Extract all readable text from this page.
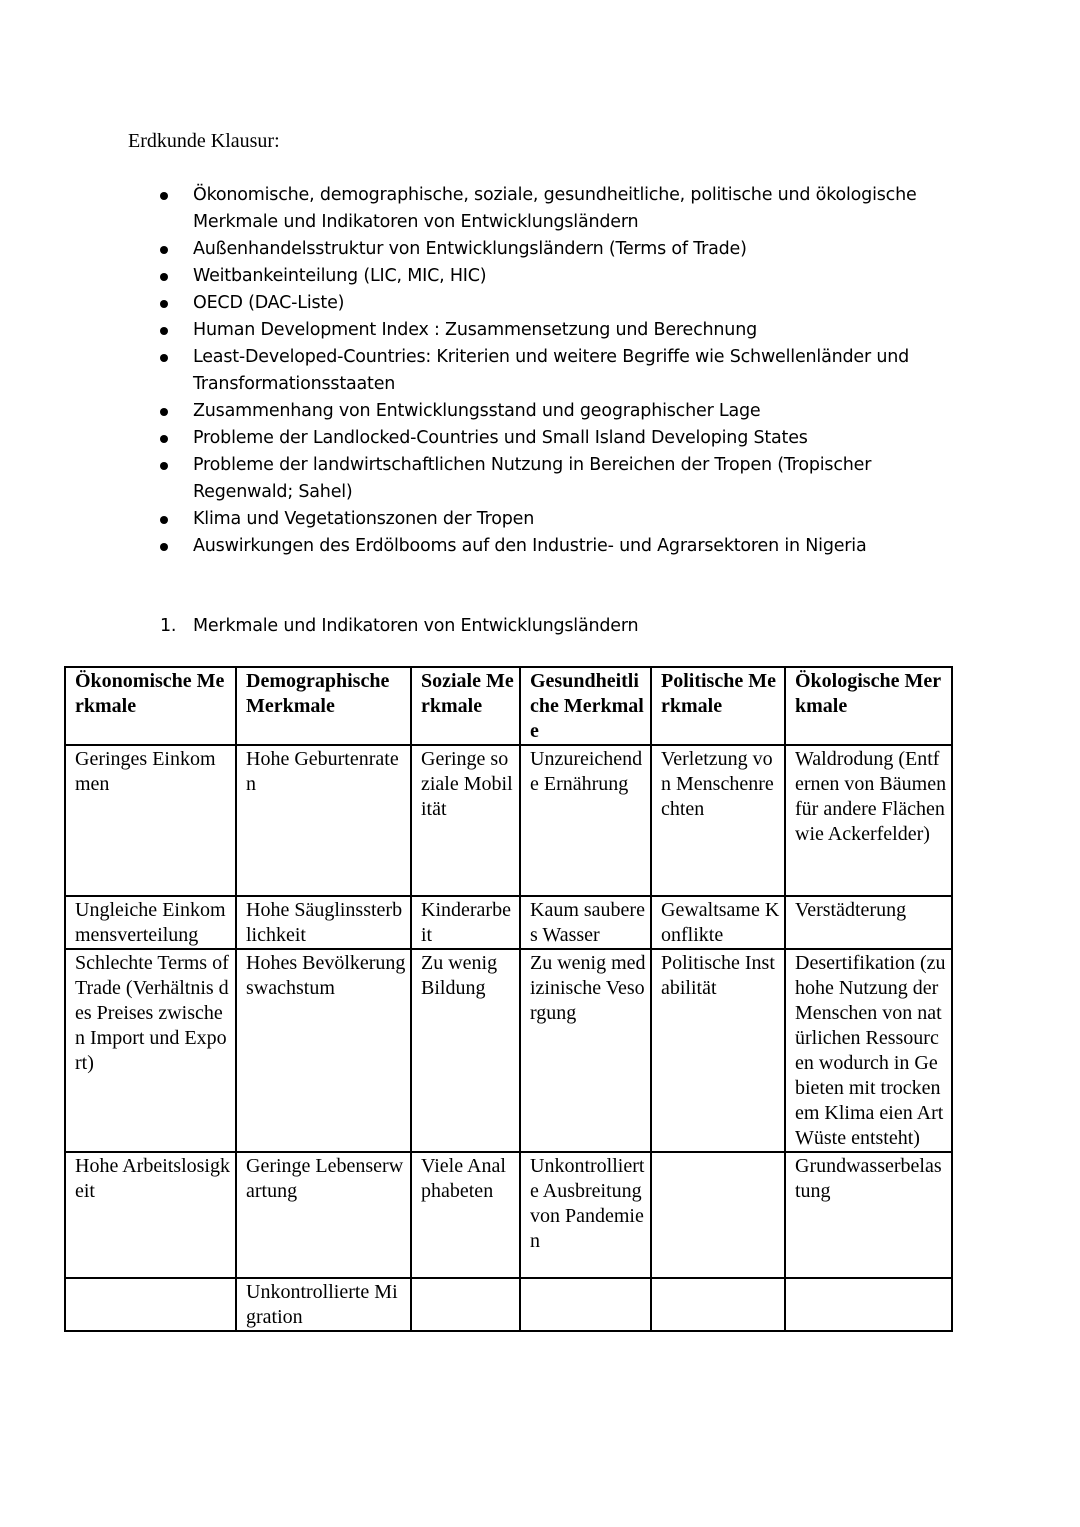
Erdkunde Klausur:
Ökonomische, demographische, soziale, gesundheitliche, politische und ökologische Merkmale und Indikatoren von Entwicklungsländern
Außenhandelsstruktur von Entwicklungsländern (Terms of Trade)
Weitbankeinteilung (LIC, MIC, HIC)
OECD (DAC-Liste)
Human Development Index : Zusammensetzung und Berechnung
Least-Developed-Countries: Kriterien und weitere Begriffe wie Schwellenländer und Transformationsstaaten
Zusammenhang von Entwicklungsstand und geographischer Lage
Probleme der Landlocked-Countries und Small Island Developing States
Probleme der landwirtschaftlichen Nutzung in Bereichen der Tropen (Tropischer Regenwald; Sahel)
Klima und Vegetationszonen der Tropen
Auswirkungen des Erdölbooms auf den Industrie- und Agrarsektoren in Nigeria
1. Merkmale und Indikatoren von Entwicklungsländern
Ökonomische Merkmale	Demographische Merkmale	Soziale Merkmale	Gesundheitliche Merkmale	Politische Merkmale	Ökologische Merkmale
Geringes Einkommen	Hohe Geburtenraten	Geringe soziale Mobilität	Unzureichende Ernährung	Verletzung von Menschenrechten	Waldrodung (Entfernen von Bäumen für andere Flächen wie Ackerfelder)
Ungleiche Einkommensverteilung	Hohe Säuglinssterblichkeit	Kinderarbeit	Kaum sauberes Wasser	Gewaltsame Konflikte	Verstädterung
Schlechte Terms of Trade (Verhältnis des Preises zwischen Import und Export)	Hohes Bevölkerungswachstum	Zu wenig Bildung	Zu wenig medizinische Vesorgung	Politische Instabilität	Desertifikation (zu hohe Nutzung der Menschen von natürlichen Ressourcen wodurch in Gebieten mit trockenem Klima eien Art Wüste entsteht)
Hohe Arbeitslosigkeit	Geringe Lebenserwartung	Viele Analphabeten	Unkontrollierte Ausbreitung von Pandemien		Grundwasserbelastung
	Unkontrollierte Migration				
